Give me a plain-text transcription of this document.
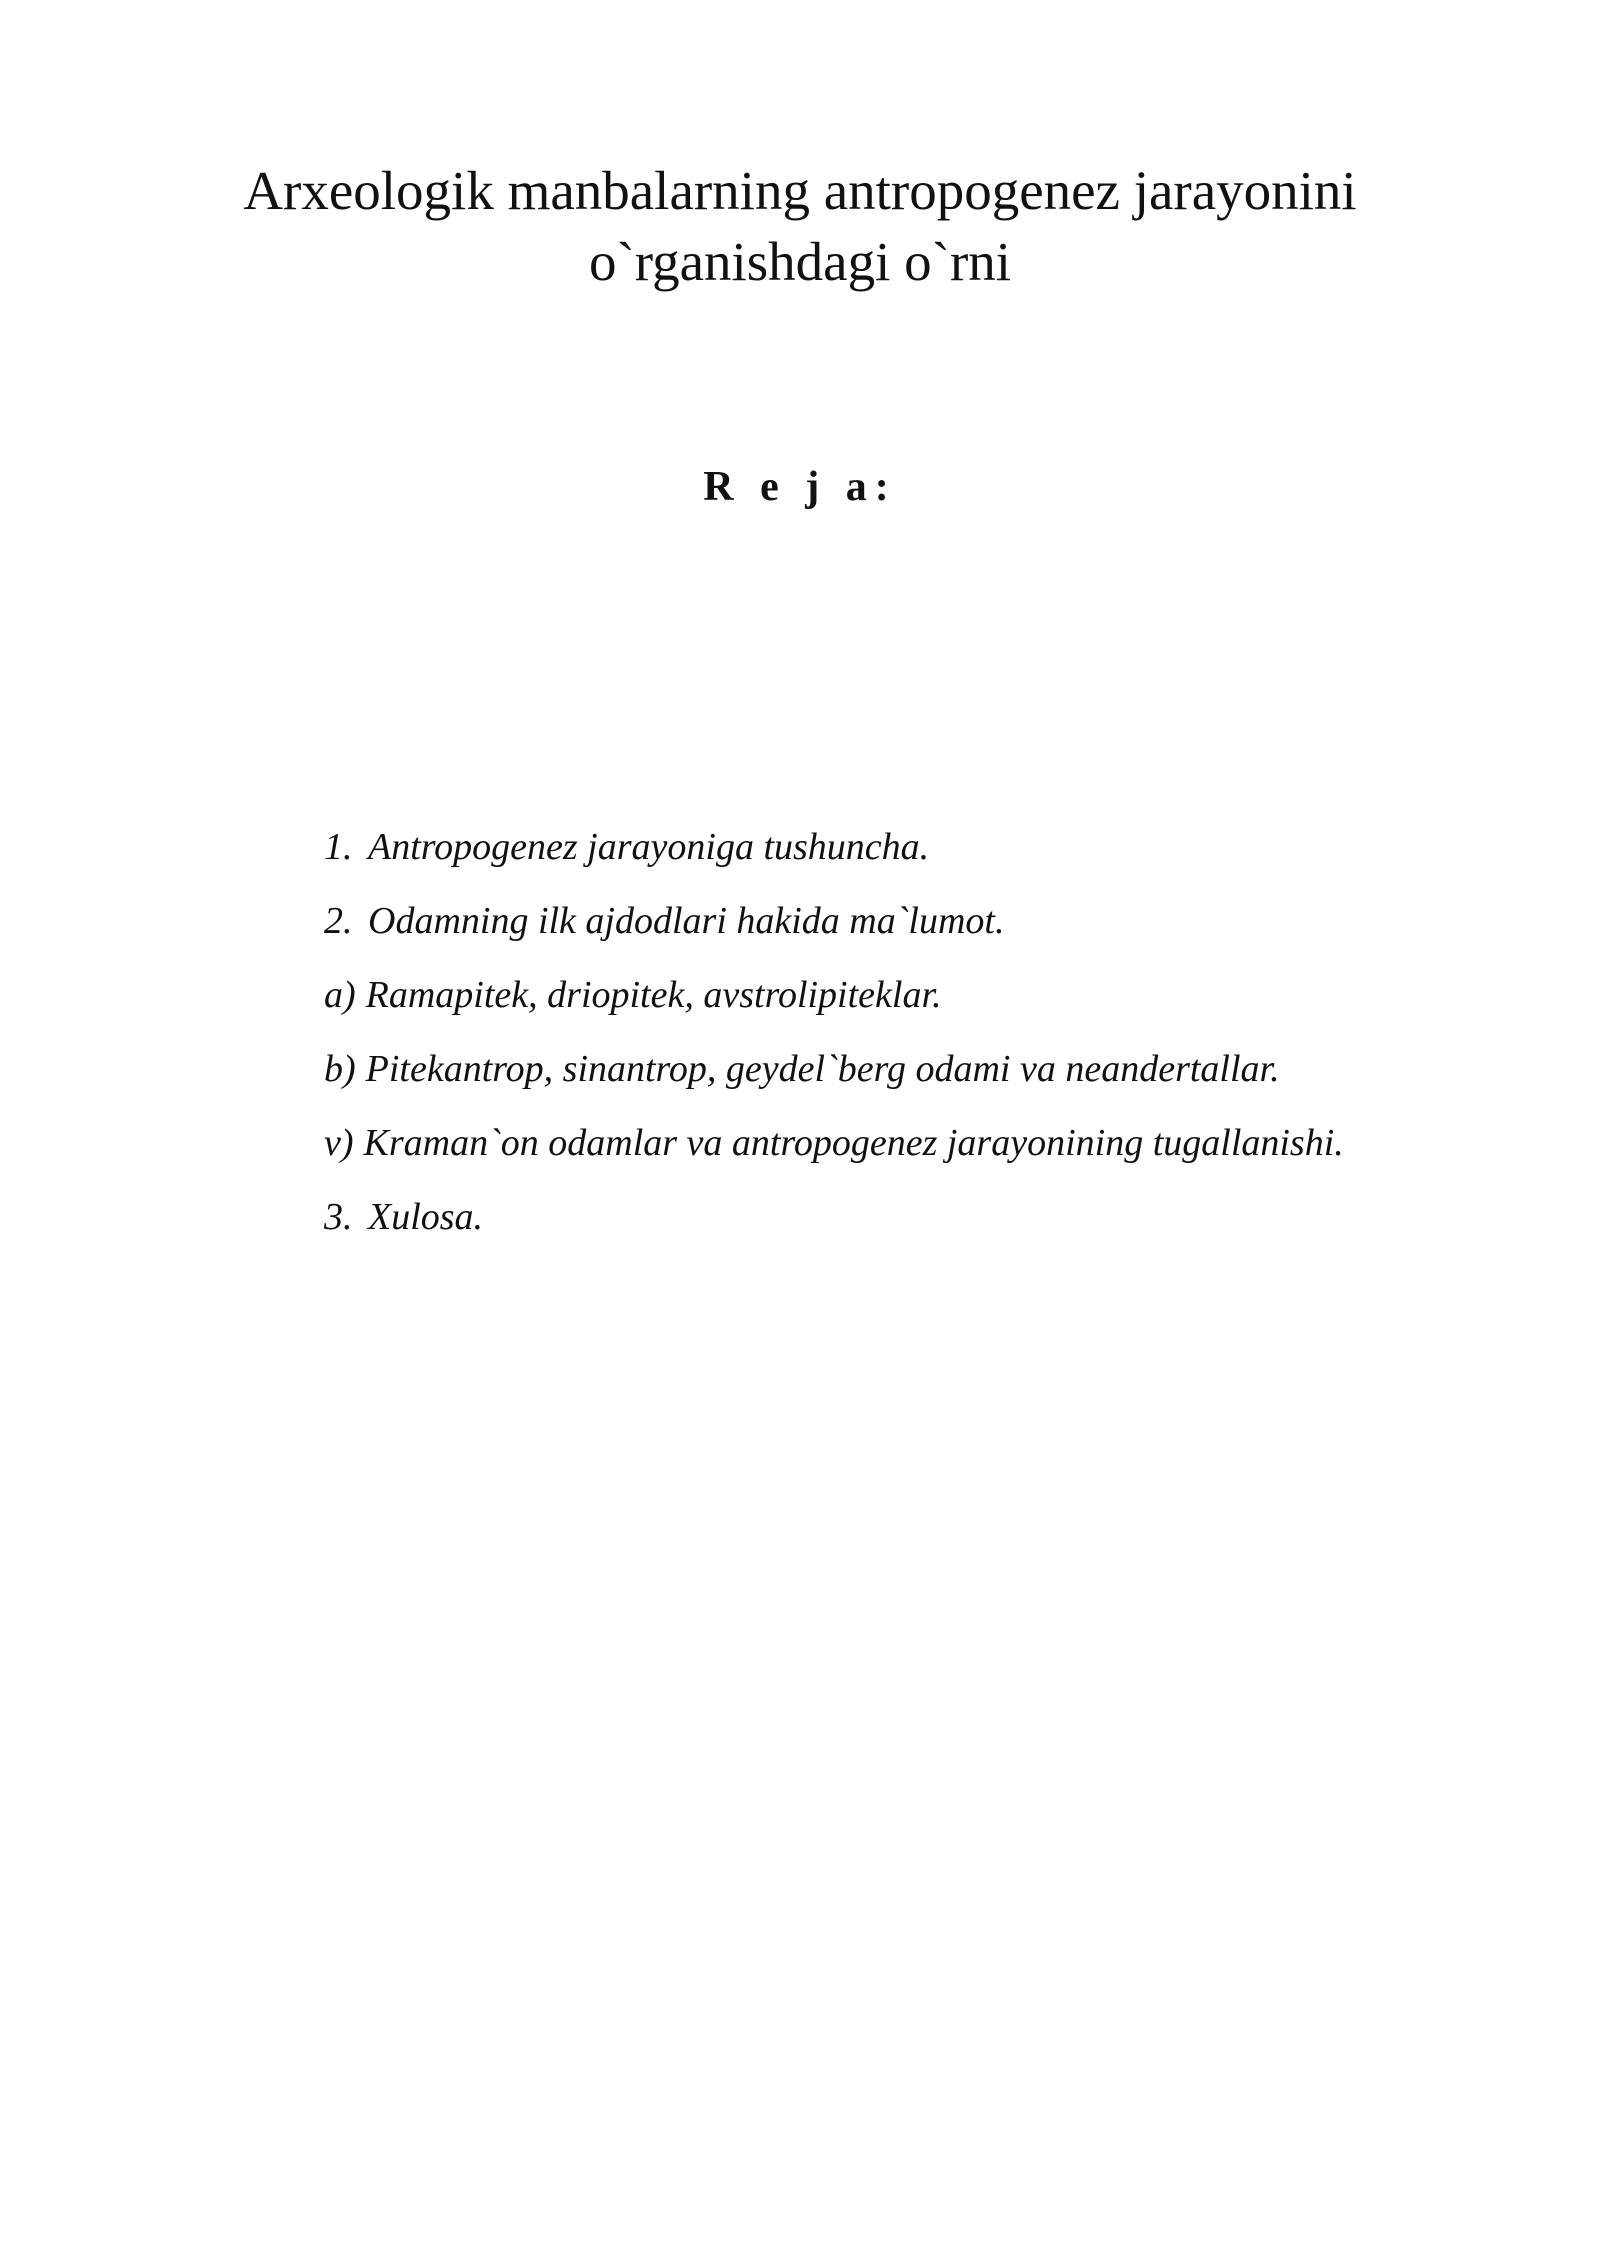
Arxeologik manbalarning antropogenez jarayonini
o`rganishdagi o`rni
R e j a:
1. Antropogenez jarayoniga tushuncha.
2. Odamning ilk ajdodlari hakida ma`lumot.
a) Ramapitek, driopitek, avstrolipiteklar.
b) Pitekantrop, sinantrop, geydel`berg odami va neandertallar.
v) Kraman`on odamlar va antropogenez jarayonining tugallanishi.
3. Xulosa.
